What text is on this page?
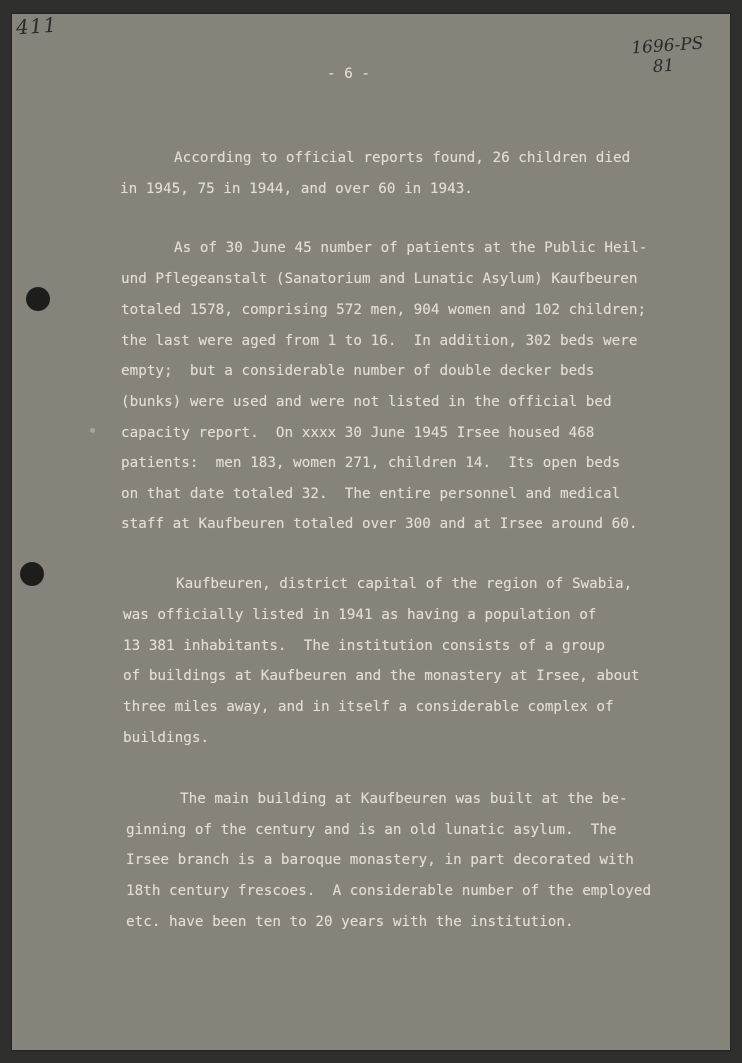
411
1696-PS
81
- 6 -
According to official reports found, 26 children died
in 1945, 75 in 1944, and over 60 in 1943.
As of 30 June 45 number of patients at the Public Heil-
und Pflegeanstalt (Sanatorium and Lunatic Asylum) Kaufbeuren
totaled 1578, comprising 572 men, 904 women and 102 children;
the last were aged from 1 to 16.  In addition, 302 beds were
empty;  but a considerable number of double decker beds
(bunks) were used and were not listed in the official bed
capacity report.  On xxxx 30 June 1945 Irsee housed 468
patients:  men 183, women 271, children 14.  Its open beds
on that date totaled 32.  The entire personnel and medical
staff at Kaufbeuren totaled over 300 and at Irsee around 60.
Kaufbeuren, district capital of the region of Swabia,
was officially listed in 1941 as having a population of
13 381 inhabitants.  The institution consists of a group
of buildings at Kaufbeuren and the monastery at Irsee, about
three miles away, and in itself a considerable complex of
buildings.
The main building at Kaufbeuren was built at the be-
ginning of the century and is an old lunatic asylum.  The
Irsee branch is a baroque monastery, in part decorated with
18th century frescoes.  A considerable number of the employed
etc. have been ten to 20 years with the institution.
